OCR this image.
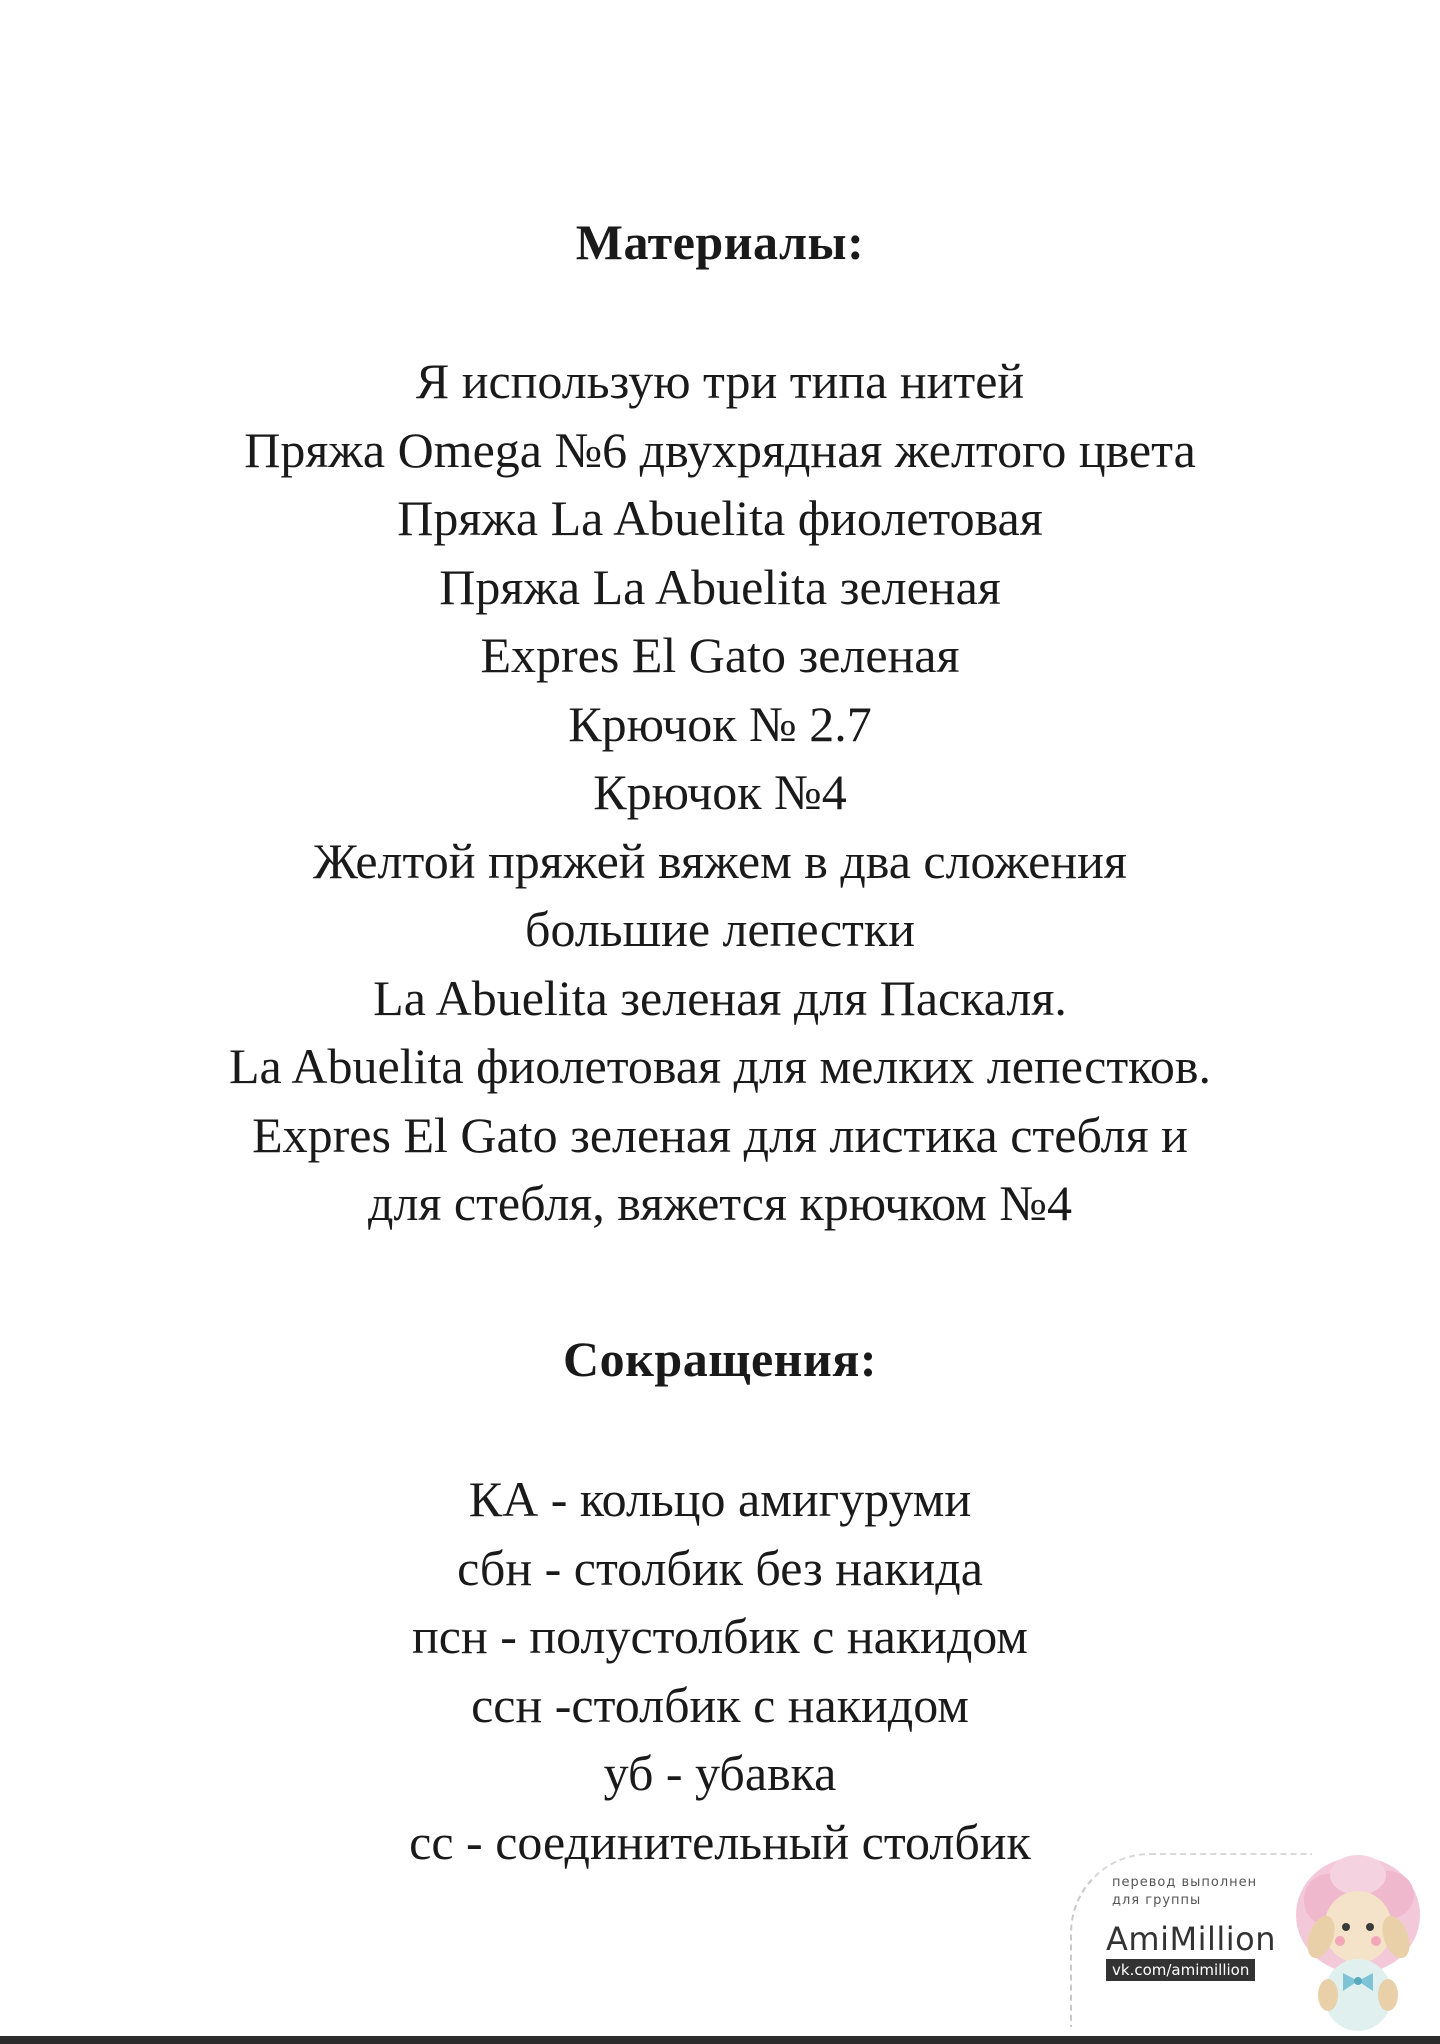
Материалы:
Я использую три типа нитей
Пряжа Omega №6 двухрядная желтого цвета
Пряжа La Abuelita фиолетовая
Пряжа La Abuelita зеленая
Expres El Gato зеленая
Крючок № 2.7
Крючок №4
Желтой пряжей вяжем в два сложения
большие лепестки
La Abuelita зеленая для Паскаля.
La Abuelita фиолетовая для мелких лепестков.
Expres El Gato зеленая для листика стебля и
для стебля, вяжется крючком №4
Сокращения:
КА - кольцо амигуруми
сбн - столбик без накида
псн - полустолбик с накидом
ссн -столбик с накидом
уб - убавка
сс - соединительный столбик
перевод выполнен
для группы
AmiMillion
vk.com/amimillion
